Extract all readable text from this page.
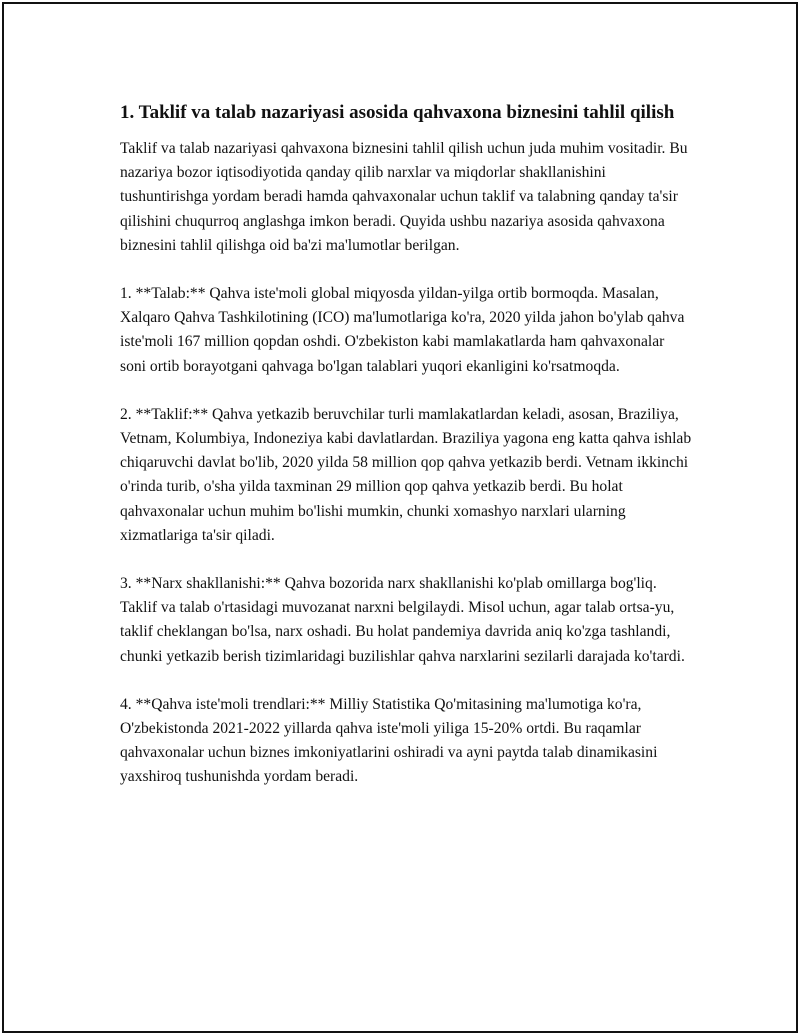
1. Taklif va talab nazariyasi asosida qahvaxona biznesini tahlil qilish

Taklif va talab nazariyasi qahvaxona biznesini tahlil qilish uchun juda muhim vositadir. Bu nazariya bozor iqtisodiyotida qanday qilib narxlar va miqdorlar shakllanishini tushuntirishga yordam beradi hamda qahvaxonalar uchun taklif va talabning qanday ta'sir qilishini chuqurroq anglashga imkon beradi. Quyida ushbu nazariya asosida qahvaxona biznesini tahlil qilishga oid ba'zi ma'lumotlar berilgan.

1. **Talab:** Qahva iste'moli global miqyosda yildan-yilga ortib bormoqda. Masalan, Xalqaro Qahva Tashkilotining (ICO) ma'lumotlariga ko'ra, 2020 yilda jahon bo'ylab qahva iste'moli 167 million qopdan oshdi. O'zbekiston kabi mamlakatlarda ham qahvaxonalar soni ortib borayotgani qahvaga bo'lgan talablari yuqori ekanligini ko'rsatmoqda.

2. **Taklif:** Qahva yetkazib beruvchilar turli mamlakatlardan keladi, asosan, Braziliya, Vetnam, Kolumbiya, Indoneziya kabi davlatlardan. Braziliya yagona eng katta qahva ishlab chiqaruvchi davlat bo'lib, 2020 yilda 58 million qop qahva yetkazib berdi. Vetnam ikkinchi o'rinda turib, o'sha yilda taxminan 29 million qop qahva yetkazib berdi. Bu holat qahvaxonalar uchun muhim bo'lishi mumkin, chunki xomashyo narxlari ularning xizmatlariga ta'sir qiladi.

3. **Narx shakllanishi:** Qahva bozorida narx shakllanishi ko'plab omillarga bog'liq. Taklif va talab o'rtasidagi muvozanat narxni belgilaydi. Misol uchun, agar talab ortsa-yu, taklif cheklangan bo'lsa, narx oshadi. Bu holat pandemiya davrida aniq ko'zga tashlandi, chunki yetkazib berish tizimlaridagi buzilishlar qahva narxlarini sezilarli darajada ko'tardi.

4. **Qahva iste'moli trendlari:** Milliy Statistika Qo'mitasining ma'lumotiga ko'ra, O'zbekistonda 2021-2022 yillarda qahva iste'moli yiliga 15-20% ortdi. Bu raqamlar qahvaxonalar uchun biznes imkoniyatlarini oshiradi va ayni paytda talab dinamikasini yaxshiroq tushunishda yordam beradi.
